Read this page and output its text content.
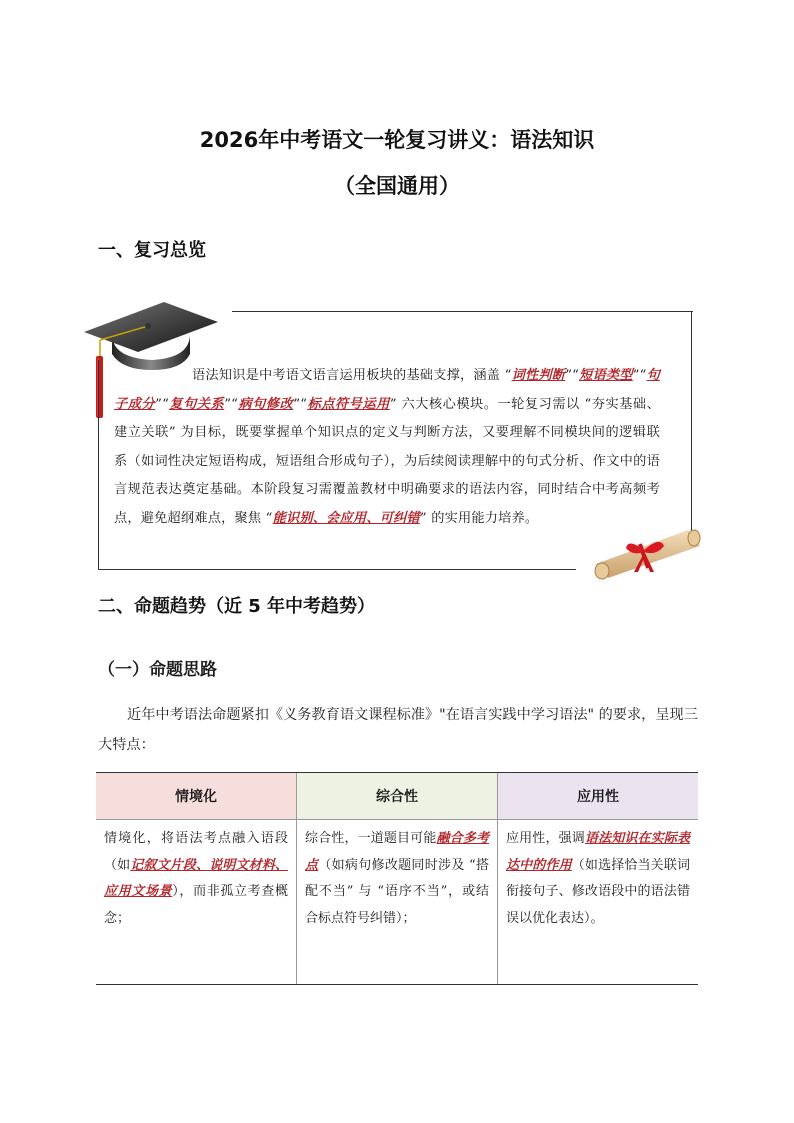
2026年中考语文一轮复习讲义：语法知识
（全国通用）
一、复习总览
语法知识是中考语文语言运用板块的基础支撑，涵盖 “词性判断”“短语类型”“句子成分”“复句关系”“病句修改”“标点符号运用” 六大核心模块。一轮复习需以 “夯实基础、建立关联” 为目标，既要掌握单个知识点的定义与判断方法，又要理解不同模块间的逻辑联系（如词性决定短语构成，短语组合形成句子），为后续阅读理解中的句式分析、作文中的语言规范表达奠定基础。本阶段复习需覆盖教材中明确要求的语法内容，同时结合中考高频考点，避免超纲难点，聚焦 “能识别、会应用、可纠错” 的实用能力培养。
二、命题趋势（近 5 年中考趋势）
（一）命题思路
近年中考语法命题紧扣《义务教育语文课程标准》"在语言实践中学习语法" 的要求，呈现三大特点：
情境化	综合性	应用性
情境化，将语法考点融入语段（如记叙文片段、说明文材料、应用文场景），而非孤立考查概念；	综合性，一道题目可能融合多考点（如病句修改题同时涉及 “搭配不当” 与 “语序不当”，或结合标点符号纠错）；	应用性，强调语法知识在实际表达中的作用（如选择恰当关联词衔接句子、修改语段中的语法错误以优化表达）。
